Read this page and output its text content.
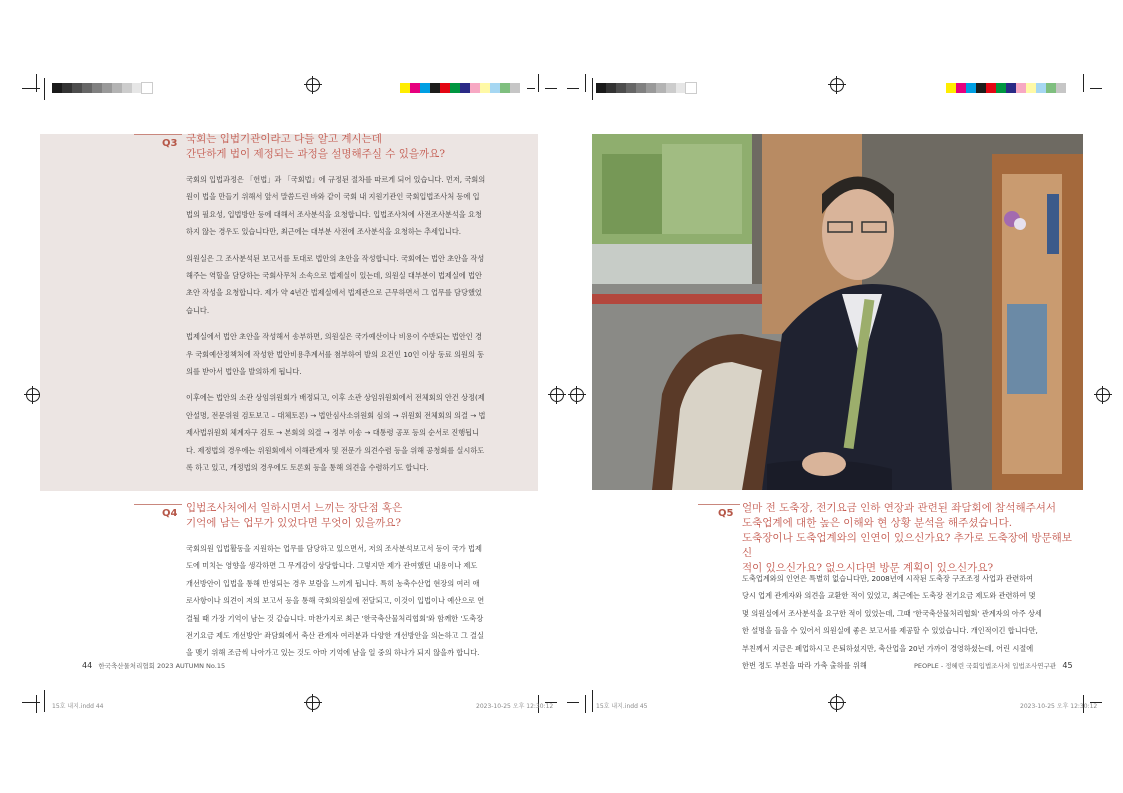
Q3 국회는 입법기관이라고 다들 알고 계시는데
간단하게 법이 제정되는 과정을 설명해주실 수 있을까요?

국회의 입법과정은 「헌법」과 「국회법」에 규정된 절차를 따르게 되어 있습니다. 먼저, 국회의원이 법을 만들기 위해서 앞서 말씀드린 바와 같이 국회 내 지원기관인 국회입법조사처 등에 입법의 필요성, 입법방안 등에 대해서 조사분석을 요청합니다. 입법조사처에 사전조사분석을 요청하지 않는 경우도 있습니다만, 최근에는 대부분 사전에 조사분석을 요청하는 추세입니다.

의원실은 그 조사분석된 보고서를 토대로 법안의 초안을 작성합니다. 국회에는 법안 초안을 작성해주는 역할을 담당하는 국회사무처 소속으로 법제실이 있는데, 의원실 대부분이 법제실에 법안 초안 작성을 요청합니다. 제가 약 4년간 법제실에서 법제관으로 근무하면서 그 업무를 담당했었습니다.

법제실에서 법안 초안을 작성해서 송부하면, 의원실은 국가예산이나 비용이 수반되는 법안인 경우 국회예산정책처에 작성한 법안비용추계서를 첨부하여 발의 요건인 10인 이상 동료 의원의 동의를 받아서 법안을 발의하게 됩니다.

이후에는 법안의 소관 상임위원회가 배정되고, 이후 소관 상임위원회에서 전체회의 안건 상정(제안설명, 전문위원 검토보고 – 대체토론) → 법안심사소위원회 심의 → 위원회 전체회의 의결 → 법제사법위원회 체계자구 검토 → 본회의 의결 → 정부 이송 → 대통령 공포 등의 순서로 진행됩니다. 제정법의 경우에는 위원회에서 이해관계자 및 전문가 의견수렴 등을 위해 공청회를 실시하도록 하고 있고, 개정법의 경우에도 토론회 등을 통해 의견을 수렴하기도 합니다.

Q4 입법조사처에서 일하시면서 느끼는 장단점 혹은
기억에 남는 업무가 있었다면 무엇이 있을까요?

국회의원 입법활동을 지원하는 업무를 담당하고 있으면서, 저의 조사분석보고서 등이 국가 법제도에 미치는 영향을 생각하면 그 무게감이 상당합니다. 그렇지만 제가 관여했던 내용이나 제도 개선방안이 입법을 통해 반영되는 경우 보람을 느끼게 됩니다. 특히 농축수산업 현장의 여러 애로사항이나 의견이 저의 보고서 등을 통해 국회의원실에 전달되고, 이것이 입법이나 예산으로 연결될 때 가장 기억이 남는 것 같습니다. 마찬가지로 최근 '한국축산물처리협회'와 함께한 '도축장 전기요금 제도 개선방안' 좌담회에서 축산 관계자 여러분과 다양한 개선방안을 의논하고 그 결실을 맺기 위해 조금씩 나아가고 있는 것도 아마 기억에 남을 일 중의 하나가 되지 않을까 합니다.

44 한국축산물처리협회 2023 AUTUMN No.15
15호 내지.indd 44	2023-10-25 오후 12:30:12
Q5 얼마 전 도축장, 전기요금 인하 연장과 관련된 좌담회에 참석해주셔서
도축업계에 대한 높은 이해와 현 상황 분석을 해주셨습니다.
도축장이나 도축업계와의 인연이 있으신가요? 추가로 도축장에 방문해보신
적이 있으신가요? 없으시다면 방문 계획이 있으신가요?

도축업계와의 인연은 특별히 없습니다만, 2008년에 시작된 도축장 구조조정 사업과 관련하여 당시 업계 관계자와 의견을 교환한 적이 있었고, 최근에는 도축장 전기요금 제도와 관련하여 몇몇 의원실에서 조사분석을 요구한 적이 있었는데, 그때 '한국축산물처리협회' 관계자의 아주 상세한 설명을 들을 수 있어서 의원실에 좋은 보고서를 제공할 수 있었습니다. 개인적이긴 합니다만, 부친께서 지금은 폐업하시고 은퇴하셨지만, 축산업을 20년 가까이 경영하셨는데, 어린 시절에 한번 정도 부친을 따라 가축 출하를 위해	PEOPLE - 정혜린 국회입법조사처 입법조사연구관 45
15호 내지.indd 45	2023-10-25 오후 12:30:12
